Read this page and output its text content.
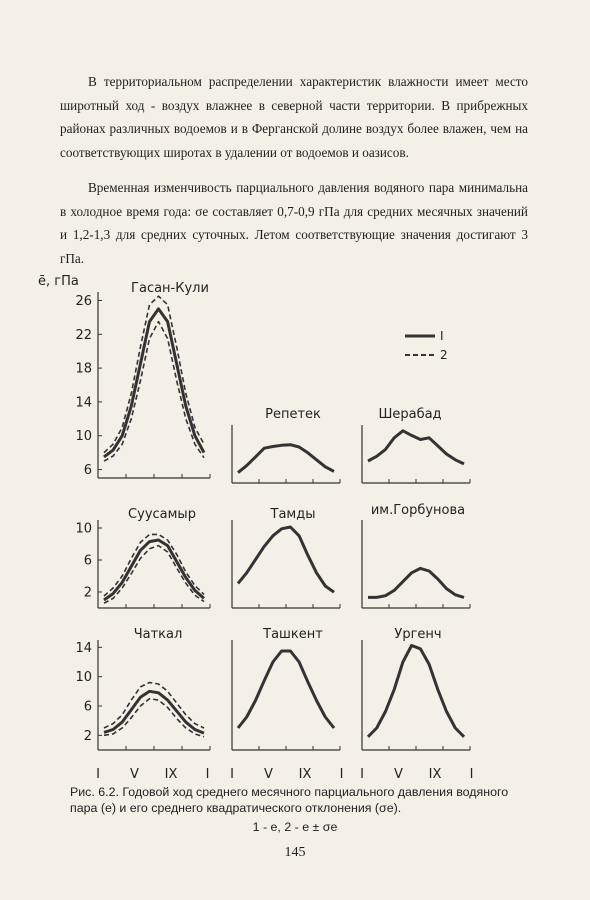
В территориальном распределении характеристик влажности имеет место широтный ход - воздух влажнее в северной части территории. В прибрежных районах различных водоемов и в Ферганской долине воздух более влажен, чем на соответствующих широтах в удалении от водоемов и оазисов.

Временная изменчивость парциального давления водяного пара минимальна в холодное время года: σe составляет 0,7-0,9 гПа для средних месячных значений и 1,2-1,3 для средних суточных. Летом соответствующие значения достигают 3 гПа.

ē, гПа
I
2
6
10
14
18
22
26
Гасан-Кули
Репетек	Шерабад
2
6
10
Суусамыр	Тамды	им.Горбунова
2
6
10
14
Чаткал	Ташкент	Ургенч
I V IX I I V IX I I V IX I

Рис. 6.2. Годовой ход среднего месячного парциального давления водяного пара (е) и его среднего квадратического отклонения (σe).

1 - е, 2 - е ± σe
145
